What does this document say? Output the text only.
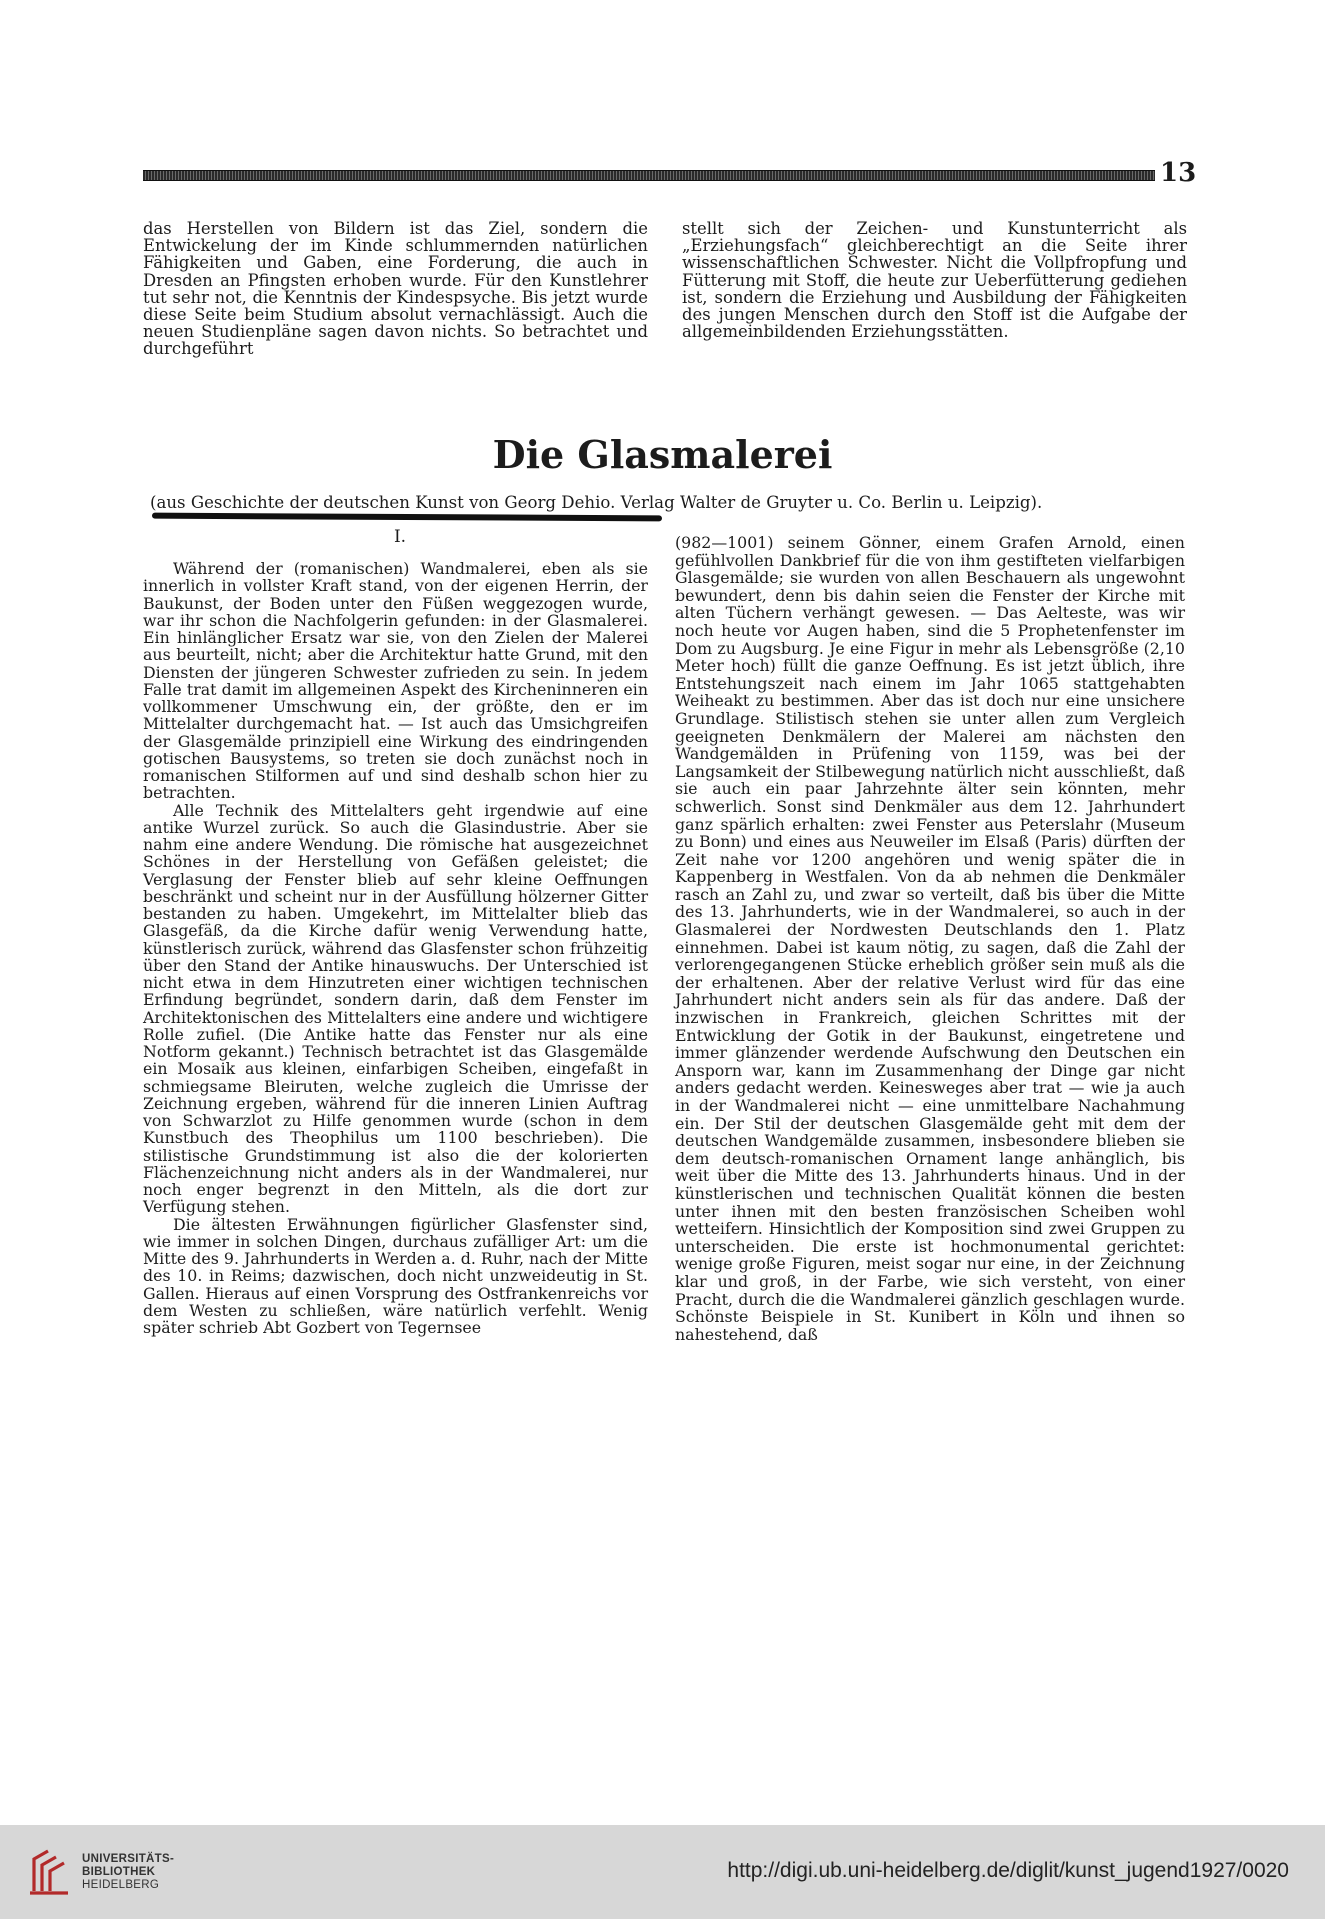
13

das Herstellen von Bildern ist das Ziel, sondern die Entwickelung der im Kinde schlummernden natürlichen Fähigkeiten und Gaben, eine Forderung, die auch in Dresden an Pfingsten erhoben wurde. Für den Kunstlehrer tut sehr not, die Kenntnis der Kindespsyche. Bis jetzt wurde diese Seite beim Studium absolut vernachlässigt. Auch die neuen Studienpläne sagen davon nichts. So betrachtet und durchgeführt

stellt sich der Zeichen- und Kunstunterricht als „Erziehungsfach“ gleichberechtigt an die Seite ihrer wissenschaftlichen Schwester. Nicht die Vollpfropfung und Fütterung mit Stoff, die heute zur Ueberfütterung gediehen ist, sondern die Erziehung und Ausbildung der Fähigkeiten des jungen Menschen durch den Stoff ist die Aufgabe der allgemeinbildenden Erziehungsstätten.

Die Glasmalerei
(aus Geschichte der deutschen Kunst von Georg Dehio. Verlag Walter de Gruyter u. Co. Berlin u. Leipzig).
I.

Während der (romanischen) Wandmalerei, eben als sie innerlich in vollster Kraft stand, von der eigenen Herrin, der Baukunst, der Boden unter den Füßen weggezogen wurde, war ihr schon die Nachfolgerin gefunden: in der Glasmalerei. Ein hinlänglicher Ersatz war sie, von den Zielen der Malerei aus beurteilt, nicht; aber die Architektur hatte Grund, mit den Diensten der jüngeren Schwester zufrieden zu sein. In jedem Falle trat damit im allgemeinen Aspekt des Kircheninneren ein vollkommener Umschwung ein, der größte, den er im Mittelalter durchgemacht hat. — Ist auch das Umsichgreifen der Glasgemälde prinzipiell eine Wirkung des eindringenden gotischen Bausystems, so treten sie doch zunächst noch in romanischen Stilformen auf und sind deshalb schon hier zu betrachten.

Alle Technik des Mittelalters geht irgendwie auf eine antike Wurzel zurück. So auch die Glasindustrie. Aber sie nahm eine andere Wendung. Die römische hat ausgezeichnet Schönes in der Herstellung von Gefäßen geleistet; die Verglasung der Fenster blieb auf sehr kleine Oeffnungen beschränkt und scheint nur in der Ausfüllung hölzerner Gitter bestanden zu haben. Umgekehrt, im Mittelalter blieb das Glasgefäß, da die Kirche dafür wenig Verwendung hatte, künstlerisch zurück, während das Glasfenster schon frühzeitig über den Stand der Antike hinauswuchs. Der Unterschied ist nicht etwa in dem Hinzutreten einer wichtigen technischen Erfindung begründet, sondern darin, daß dem Fenster im Architektonischen des Mittelalters eine andere und wichtigere Rolle zufiel. (Die Antike hatte das Fenster nur als eine Notform gekannt.) Technisch betrachtet ist das Glasgemälde ein Mosaik aus kleinen, einfarbigen Scheiben, eingefaßt in schmiegsame Bleiruten, welche zugleich die Umrisse der Zeichnung ergeben, während für die inneren Linien Auftrag von Schwarzlot zu Hilfe genommen wurde (schon in dem Kunstbuch des Theophilus um 1100 beschrieben). Die stilistische Grundstimmung ist also die der kolorierten Flächenzeichnung nicht anders als in der Wandmalerei, nur noch enger begrenzt in den Mitteln, als die dort zur Verfügung stehen.

Die ältesten Erwähnungen figürlicher Glasfenster sind, wie immer in solchen Dingen, durchaus zufälliger Art: um die Mitte des 9. Jahrhunderts in Werden a. d. Ruhr, nach der Mitte des 10. in Reims; dazwischen, doch nicht unzweideutig in St. Gallen. Hieraus auf einen Vorsprung des Ostfrankenreichs vor dem Westen zu schließen, wäre natürlich verfehlt. Wenig später schrieb Abt Gozbert von Tegernsee

(982—1001) seinem Gönner, einem Grafen Arnold, einen gefühlvollen Dankbrief für die von ihm gestifteten vielfarbigen Glasgemälde; sie wurden von allen Beschauern als ungewohnt bewundert, denn bis dahin seien die Fenster der Kirche mit alten Tüchern verhängt gewesen. — Das Aelteste, was wir noch heute vor Augen haben, sind die 5 Prophetenfenster im Dom zu Augsburg. Je eine Figur in mehr als Lebensgröße (2,10 Meter hoch) füllt die ganze Oeffnung. Es ist jetzt üblich, ihre Entstehungszeit nach einem im Jahr 1065 stattgehabten Weiheakt zu bestimmen. Aber das ist doch nur eine unsichere Grundlage. Stilistisch stehen sie unter allen zum Vergleich geeigneten Denkmälern der Malerei am nächsten den Wandgemälden in Prüfening von 1159, was bei der Langsamkeit der Stilbewegung natürlich nicht ausschließt, daß sie auch ein paar Jahrzehnte älter sein könnten, mehr schwerlich. Sonst sind Denkmäler aus dem 12. Jahrhundert ganz spärlich erhalten: zwei Fenster aus Peterslahr (Museum zu Bonn) und eines aus Neuweiler im Elsaß (Paris) dürften der Zeit nahe vor 1200 angehören und wenig später die in Kappenberg in Westfalen. Von da ab nehmen die Denkmäler rasch an Zahl zu, und zwar so verteilt, daß bis über die Mitte des 13. Jahrhunderts, wie in der Wandmalerei, so auch in der Glasmalerei der Nordwesten Deutschlands den 1. Platz einnehmen. Dabei ist kaum nötig, zu sagen, daß die Zahl der verlorengegangenen Stücke erheblich größer sein muß als die der erhaltenen. Aber der relative Verlust wird für das eine Jahrhundert nicht anders sein als für das andere. Daß der inzwischen in Frankreich, gleichen Schrittes mit der Entwicklung der Gotik in der Baukunst, eingetretene und immer glänzender werdende Aufschwung den Deutschen ein Ansporn war, kann im Zusammenhang der Dinge gar nicht anders gedacht werden. Keinesweges aber trat — wie ja auch in der Wandmalerei nicht — eine unmittelbare Nachahmung ein. Der Stil der deutschen Glasgemälde geht mit dem der deutschen Wandgemälde zusammen, insbesondere blieben sie dem deutsch-romanischen Ornament lange anhänglich, bis weit über die Mitte des 13. Jahrhunderts hinaus. Und in der künstlerischen und technischen Qualität können die besten unter ihnen mit den besten französischen Scheiben wohl wetteifern. Hinsichtlich der Komposition sind zwei Gruppen zu unterscheiden. Die erste ist hochmonumental gerichtet: wenige große Figuren, meist sogar nur eine, in der Zeichnung klar und groß, in der Farbe, wie sich versteht, von einer Pracht, durch die die Wandmalerei gänzlich geschlagen wurde. Schönste Beispiele in St. Kunibert in Köln und ihnen so nahestehend, daß

UNIVERSITÄTS-
BIBLIOTHEK
HEIDELBERG
http://digi.ub.uni-heidelberg.de/diglit/kunst_jugend1927/0020
